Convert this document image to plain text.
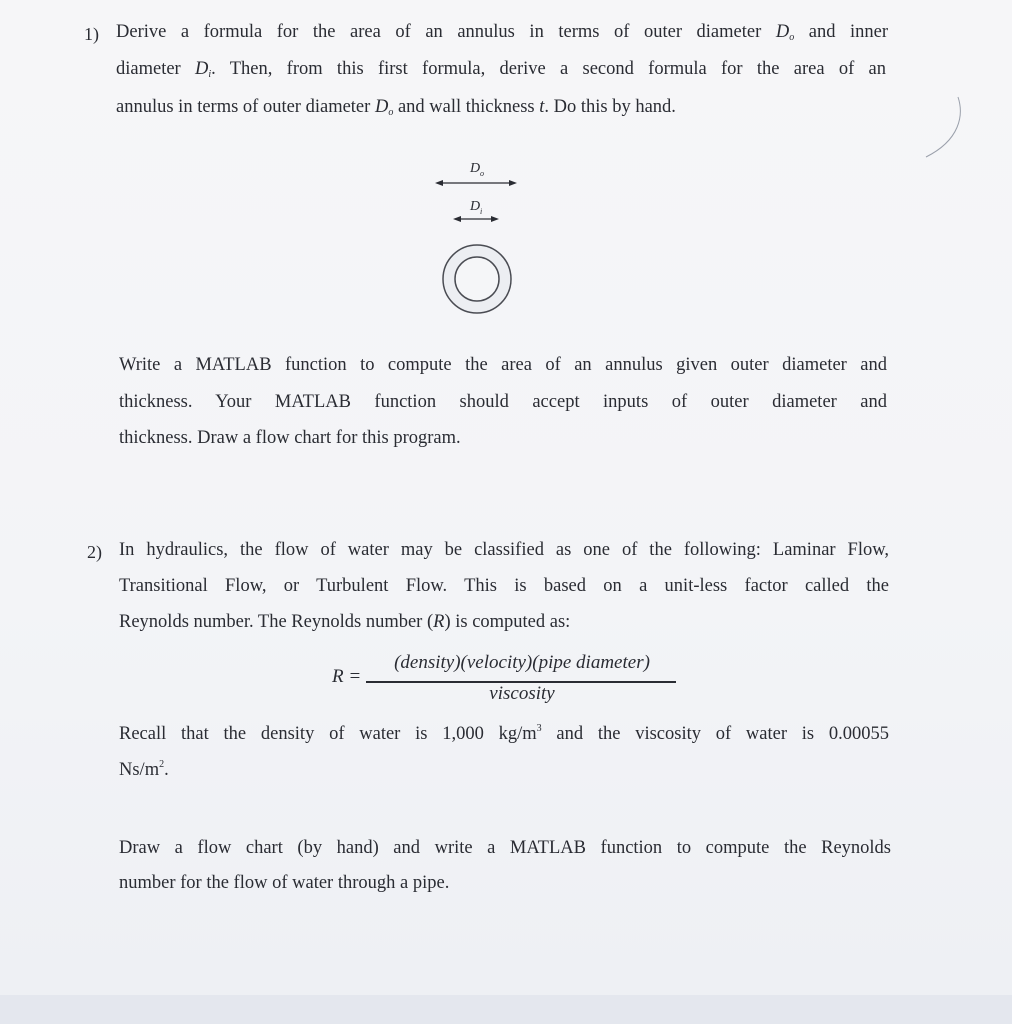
1) Derive a formula for the area of an annulus in terms of outer diameter $D_o$ and inner
diameter $D_i$. Then, from this first formula, derive a second formula for the area of an
annulus in terms of outer diameter $D_o$ and wall thickness t. Do this by hand.
D o
D i
Write a MATLAB function to compute the area of an annulus given outer diameter and
thickness. Your MATLAB function should accept inputs of outer diameter and
thickness. Draw a flow chart for this program.
2) In hydraulics, the flow of water may be classified as one of the following: Laminar Flow,
Transitional Flow, or Turbulent Flow. This is based on a unit-less factor called the
Reynolds number. The Reynolds number (R) is computed as:
R =
(density)(velocity)(pipe diameter)
viscosity
Recall that the density of water is 1,000 $kg/m^3$ and the viscosity of water is 0.00055
$Ns/m^2$.
Draw a flow chart (by hand) and write a MATLAB function to compute the Reynolds
number for the flow of water through a pipe.
